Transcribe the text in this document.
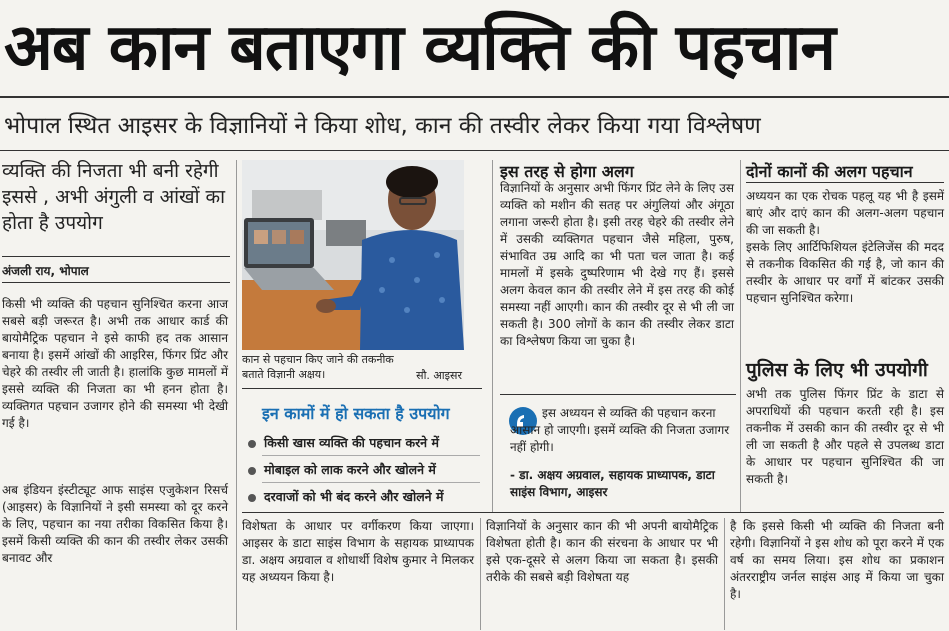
अब कान बताएगा व्यक्ति की पहचान
भोपाल स्थित आइसर के विज्ञानियों ने किया शोध, कान की तस्वीर लेकर किया गया विश्लेषण
व्यक्ति की निजता भी बनी रहेगी इससे , अभी अंगुली व आंखों का होता है उपयोग
अंजली राय, भोपाल
किसी भी व्यक्ति की पहचान सुनिश्चित करना आज सबसे बड़ी जरूरत है। अभी तक आधार कार्ड की बायोमैट्रिक पहचान ने इसे काफी हद तक आसान बनाया है। इसमें आंखों की आइरिस, फिंगर प्रिंट और चेहरे की तस्वीर ली जाती है। हालांकि कुछ मामलों में इससे व्यक्ति की निजता का भी हनन होता है। व्यक्तिगत पहचान उजागर होने की समस्या भी देखी गई है।
अब इंडियन इंस्टीट्यूट आफ साइंस एजुकेशन रिसर्च (आइसर) के विज्ञानियों ने इसी समस्या को दूर करने के लिए, पहचान का नया तरीका विकसित किया है। इसमें किसी व्यक्ति की कान की तस्वीर लेकर उसकी बनावट और
कान से पहचान किए जाने की तकनीक बताते विज्ञानी अक्षय।	सौ. आइसर
इन कामों में हो सकता है उपयोग
किसी खास व्यक्ति की पहचान करने में
मोबाइल को लाक करने और खोलने में
दरवाजों को भी बंद करने और खोलने में
इस तरह से होगा अलग
विज्ञानियों के अनुसार अभी फिंगर प्रिंट लेने के लिए उस व्यक्ति को मशीन की सतह पर अंगुलियां और अंगूठा लगाना जरूरी होता है। इसी तरह चेहरे की तस्वीर लेने में उसकी व्यक्तिगत पहचान जैसे महिला, पुरुष, संभावित उम्र आदि का भी पता चल जाता है। कई मामलों में इसके दुष्परिणाम भी देखे गए हैं। इससे अलग केवल कान की तस्वीर लेने में इस तरह की कोई समस्या नहीं आएगी। कान की तस्वीर दूर से भी ली जा सकती है। 300 लोगों के कान की तस्वीर लेकर डाटा का विश्लेषण किया जा चुका है।
इस अध्ययन से व्यक्ति की पहचान करना आसान हो जाएगी। इसमें व्यक्ति की निजता उजागर नहीं होगी।
- डा. अक्षय अग्रवाल, सहायक प्राध्यापक, डाटा साइंस विभाग, आइसर
दोनों कानों की अलग पहचान
अध्ययन का एक रोचक पहलू यह भी है इसमें बाएं और दाएं कान की अलग-अलग पहचान की जा सकती है।
इसके लिए आर्टिफिशियल इंटेलिजेंस की मदद से तकनीक विकसित की गई है, जो कान की तस्वीर के आधार पर वर्गों में बांटकर उसकी पहचान सुनिश्चित करेगा।
पुलिस के लिए भी उपयोगी
अभी तक पुलिस फिंगर प्रिंट के डाटा से अपराधियों की पहचान करती रही है। इस तकनीक में उसकी कान की तस्वीर दूर से भी ली जा सकती है और पहले से उपलब्ध डाटा के आधार पर पहचान सुनिश्चित की जा सकती है।
विशेषता के आधार पर वर्गीकरण किया जाएगा। आइसर के डाटा साइंस विभाग के सहायक प्राध्यापक डा. अक्षय अग्रवाल व शोधार्थी विशेष कुमार ने मिलकर यह अध्ययन किया है।
विज्ञानियों के अनुसार कान की भी अपनी बायोमैट्रिक विशेषता होती है। कान की संरचना के आधार पर भी इसे एक-दूसरे से अलग किया जा सकता है। इसकी तरीके की सबसे बड़ी विशेषता यह
है कि इससे किसी भी व्यक्ति की निजता बनी रहेगी। विज्ञानियों ने इस शोध को पूरा करने में एक वर्ष का समय लिया। इस शोध का प्रकाशन अंतरराष्ट्रीय जर्नल साइंस आइ में किया जा चुका है।
